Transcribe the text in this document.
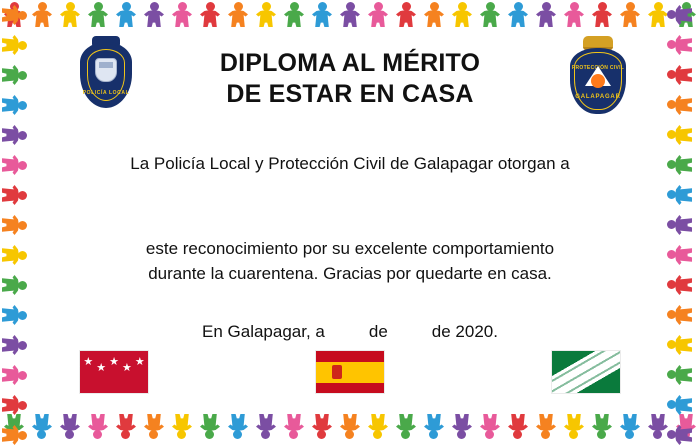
POLICÍA LOCAL
DIPLOMA AL MÉRITO
DE ESTAR EN CASA
PROTECCIÓN CIVIL
GALAPAGAR
La Policía Local y Protección Civil de Galapagar otorgan a
este reconocimiento por su excelente comportamiento
durante la cuarentena. Gracias por quedarte en casa.
En Galapagar, a	de	de 2020.
★ ★ ★ ★ ★ ★ ★
